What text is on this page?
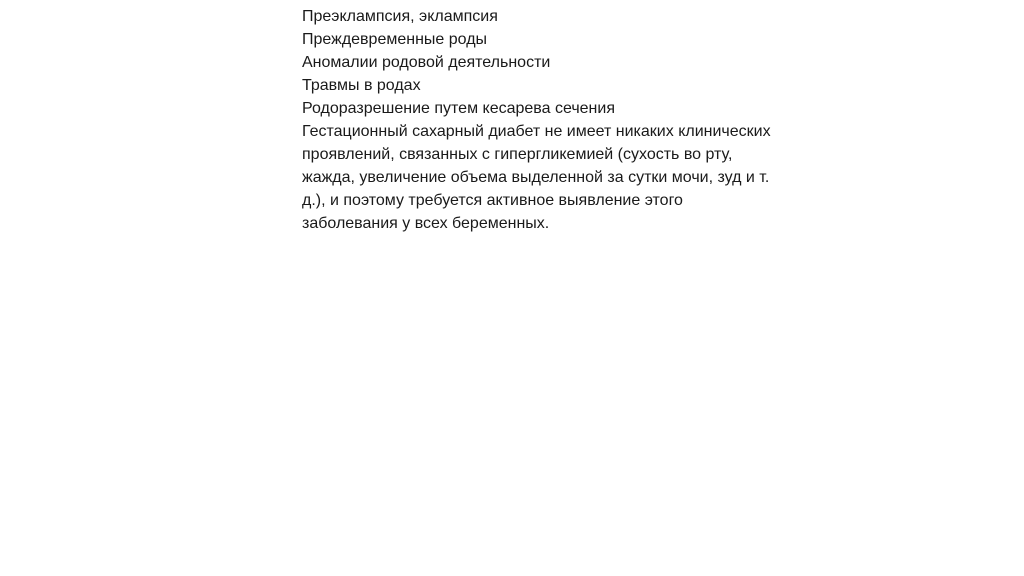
Преэклампсия, эклампсия
Преждевременные роды
Аномалии родовой деятельности
Травмы в родах
Родоразрешение путем кесарева сечения
Гестационный сахарный диабет не имеет никаких клинических проявлений, связанных с гипергликемией (сухость во рту, жажда, увеличение объема выделенной за сутки мочи, зуд и т. д.), и поэтому требуется активное выявление этого заболевания у всех беременных.
